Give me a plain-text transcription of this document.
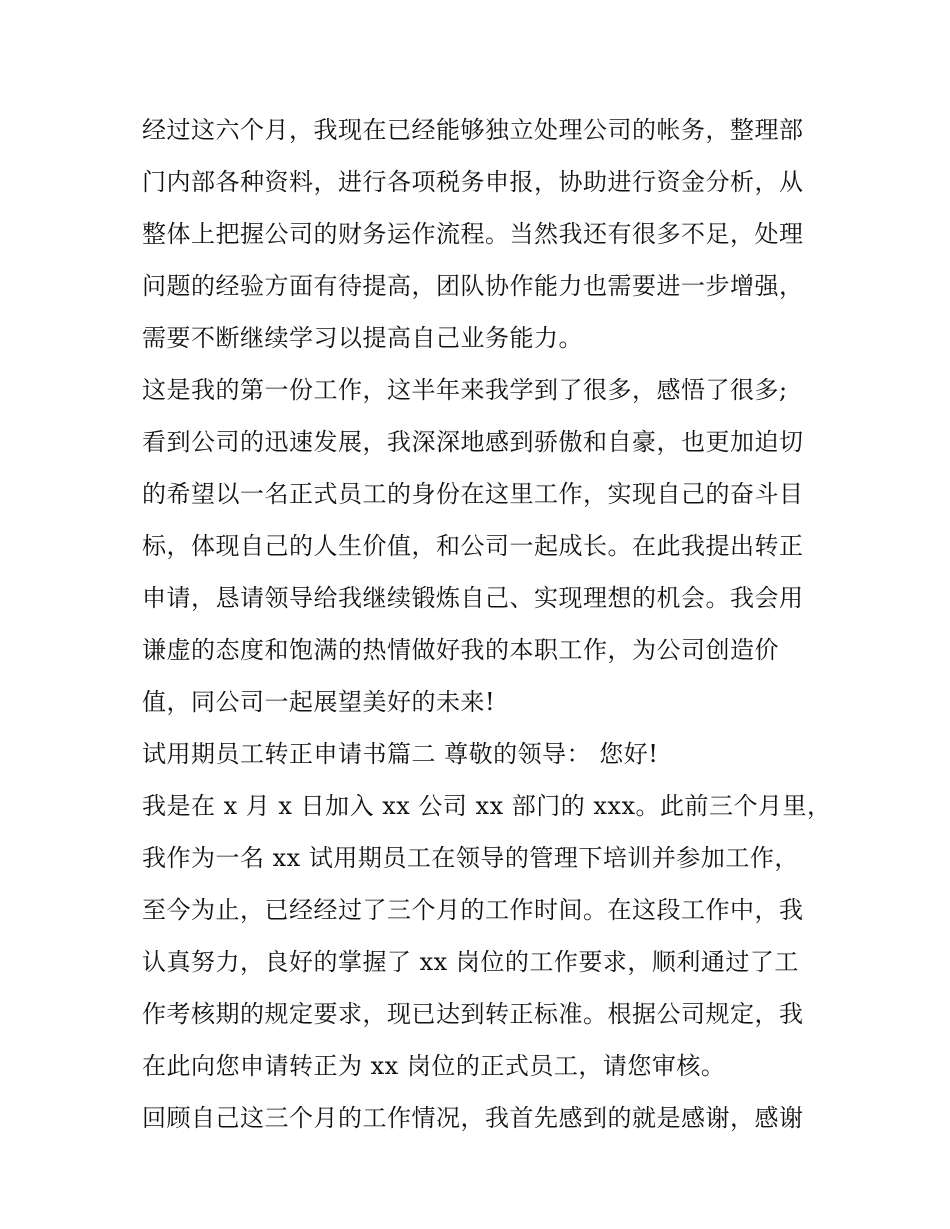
经过这六个月，我现在已经能够独立处理公司的帐务，整理部
门内部各种资料，进行各项税务申报，协助进行资金分析，从
整体上把握公司的财务运作流程。当然我还有很多不足，处理
问题的经验方面有待提高，团队协作能力也需要进一步增强，
需要不断继续学习以提高自己业务能力。
这是我的第一份工作，这半年来我学到了很多，感悟了很多;
看到公司的迅速发展，我深深地感到骄傲和自豪，也更加迫切
的希望以一名正式员工的身份在这里工作，实现自己的奋斗目
标，体现自己的人生价值，和公司一起成长。在此我提出转正
申请，恳请领导给我继续锻炼自己、实现理想的机会。我会用
谦虚的态度和饱满的热情做好我的本职工作，为公司创造价
值，同公司一起展望美好的未来!
试用期员工转正申请书篇二 尊敬的领导： 您好!
我是在 x 月 x 日加入 xx 公司 xx 部门的 xxx。此前三个月里，
我作为一名 xx 试用期员工在领导的管理下培训并参加工作，
至今为止，已经经过了三个月的工作时间。在这段工作中，我
认真努力，良好的掌握了 xx 岗位的工作要求，顺利通过了工
作考核期的规定要求，现已达到转正标准。根据公司规定，我
在此向您申请转正为 xx 岗位的正式员工，请您审核。
回顾自己这三个月的工作情况，我首先感到的就是感谢，感谢
